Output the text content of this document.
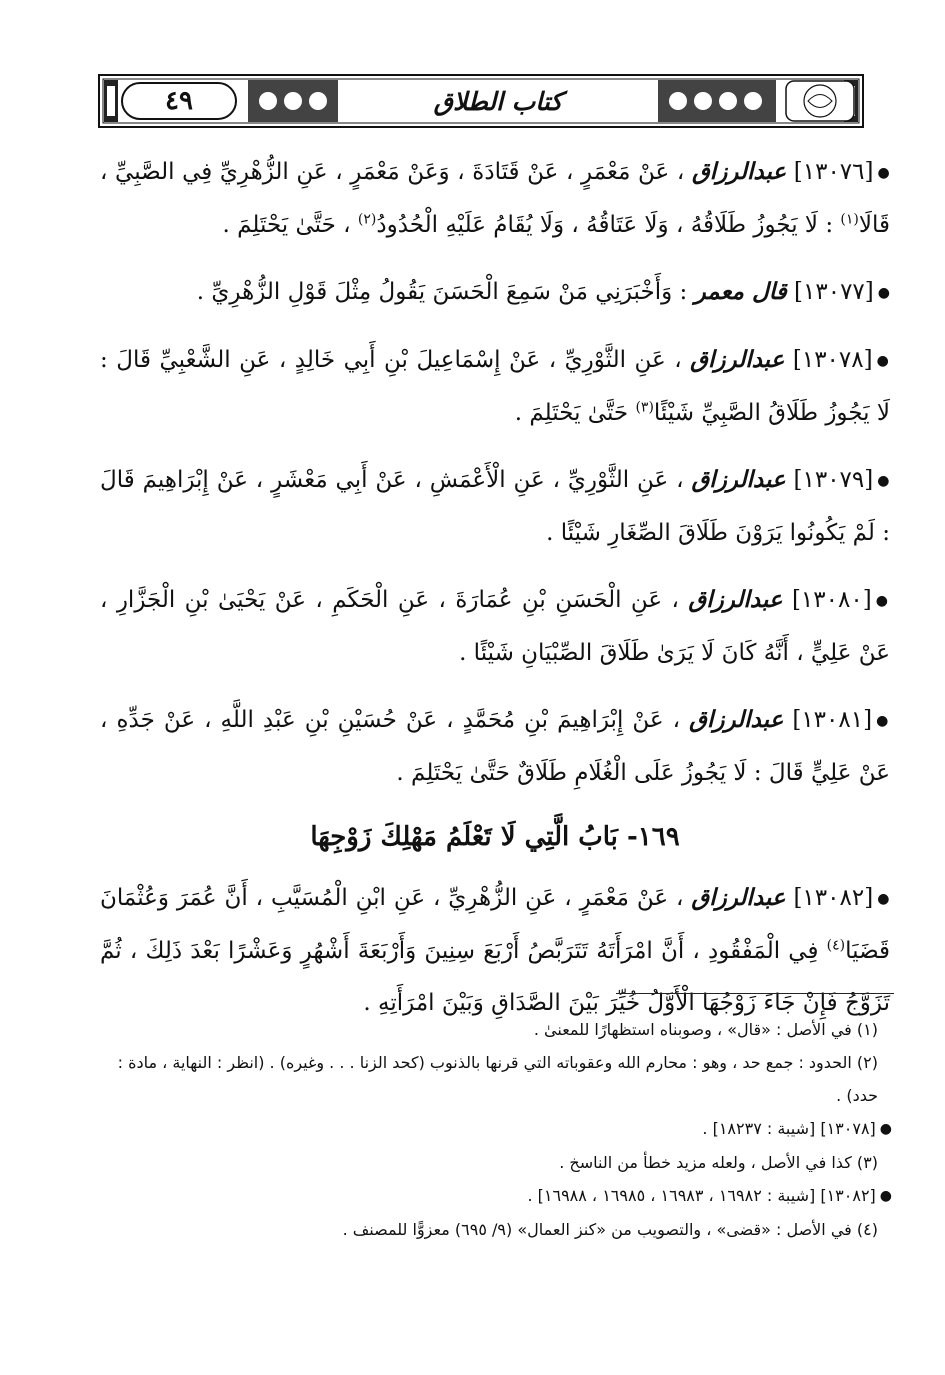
٤٩	كتاب الطلاق

●[١٣٠٧٦] عبدالرزاق ، عَنْ مَعْمَرٍ ، عَنْ قَتَادَةَ ، وَعَنْ مَعْمَرٍ ، عَنِ الزُّهْرِيِّ فِي الصَّبِيِّ ، قَالَا$^{(١)}$ : لَا يَجُوزُ طَلَاقُهُ ، وَلَا عَتَاقُهُ ، وَلَا يُقَامُ عَلَيْهِ الْحُدُودُ$^{(٢)}$ ، حَتَّىٰ يَحْتَلِمَ .

●[١٣٠٧٧] قال معمر : وَأَخْبَرَنِي مَنْ سَمِعَ الْحَسَنَ يَقُولُ مِثْلَ قَوْلِ الزُّهْرِيِّ .

●[١٣٠٧٨] عبدالرزاق ، عَنِ الثَّوْرِيِّ ، عَنْ إِسْمَاعِيلَ بْنِ أَبِي خَالِدٍ ، عَنِ الشَّعْبِيِّ قَالَ : لَا يَجُوزُ طَلَاقُ الصَّبِيِّ شَيْئًا$^{(٣)}$ حَتَّىٰ يَحْتَلِمَ .

●[١٣٠٧٩] عبدالرزاق ، عَنِ الثَّوْرِيِّ ، عَنِ الْأَعْمَشِ ، عَنْ أَبِي مَعْشَرٍ ، عَنْ إِبْرَاهِيمَ قَالَ : لَمْ يَكُونُوا يَرَوْنَ طَلَاقَ الصِّغَارِ شَيْئًا .

●[١٣٠٨٠] عبدالرزاق ، عَنِ الْحَسَنِ بْنِ عُمَارَةَ ، عَنِ الْحَكَمِ ، عَنْ يَحْيَىٰ بْنِ الْجَزَّارِ ، عَنْ عَلِيٍّ ، أَنَّهُ كَانَ لَا يَرَىٰ طَلَاقَ الصِّبْيَانِ شَيْئًا .

●[١٣٠٨١] عبدالرزاق ، عَنْ إِبْرَاهِيمَ بْنِ مُحَمَّدٍ ، عَنْ حُسَيْنِ بْنِ عَبْدِ اللَّهِ ، عَنْ جَدِّهِ ، عَنْ عَلِيٍّ قَالَ : لَا يَجُوزُ عَلَى الْغُلَامِ طَلَاقٌ حَتَّىٰ يَحْتَلِمَ .

١٦٩- بَابُ الَّتِي لَا تَعْلَمُ مَهْلِكَ زَوْجِهَا

●[١٣٠٨٢] عبدالرزاق ، عَنْ مَعْمَرٍ ، عَنِ الزُّهْرِيِّ ، عَنِ ابْنِ الْمُسَيَّبِ ، أَنَّ عُمَرَ وَعُثْمَانَ قَضَيَا$^{(٤)}$ فِي الْمَفْقُودِ ، أَنَّ امْرَأَتَهُ تَتَرَبَّصُ أَرْبَعَ سِنِينَ وَأَرْبَعَةَ أَشْهُرٍ وَعَشْرًا بَعْدَ ذَلِكَ ، ثُمَّ تَزَوَّجُ فَإِنْ جَاءَ زَوْجُهَا الْأَوَّلُ خُيِّرَ بَيْنَ الصَّدَاقِ وَبَيْنَ امْرَأَتِهِ .

(١) في الأصل : «قال» ، وصوبناه استظهارًا للمعنىٰ .

(٢) الحدود : جمع حد ، وهو : محارم الله وعقوباته التي قرنها بالذنوب (كحد الزنا . . . وغيره) . (انظر : النهاية ، مادة : حدد) .

●[١٣٠٧٨] [شيبة : ١٨٢٣٧] .

(٣) كذا في الأصل ، ولعله مزيد خطأ من الناسخ .

●[١٣٠٨٢] [شيبة : ١٦٩٨٢ ، ١٦٩٨٣ ، ١٦٩٨٥ ، ١٦٩٨٨] .

(٤) في الأصل : «قضى» ، والتصويب من «كنز العمال» (٩/ ٦٩٥) معزوًّا للمصنف .
